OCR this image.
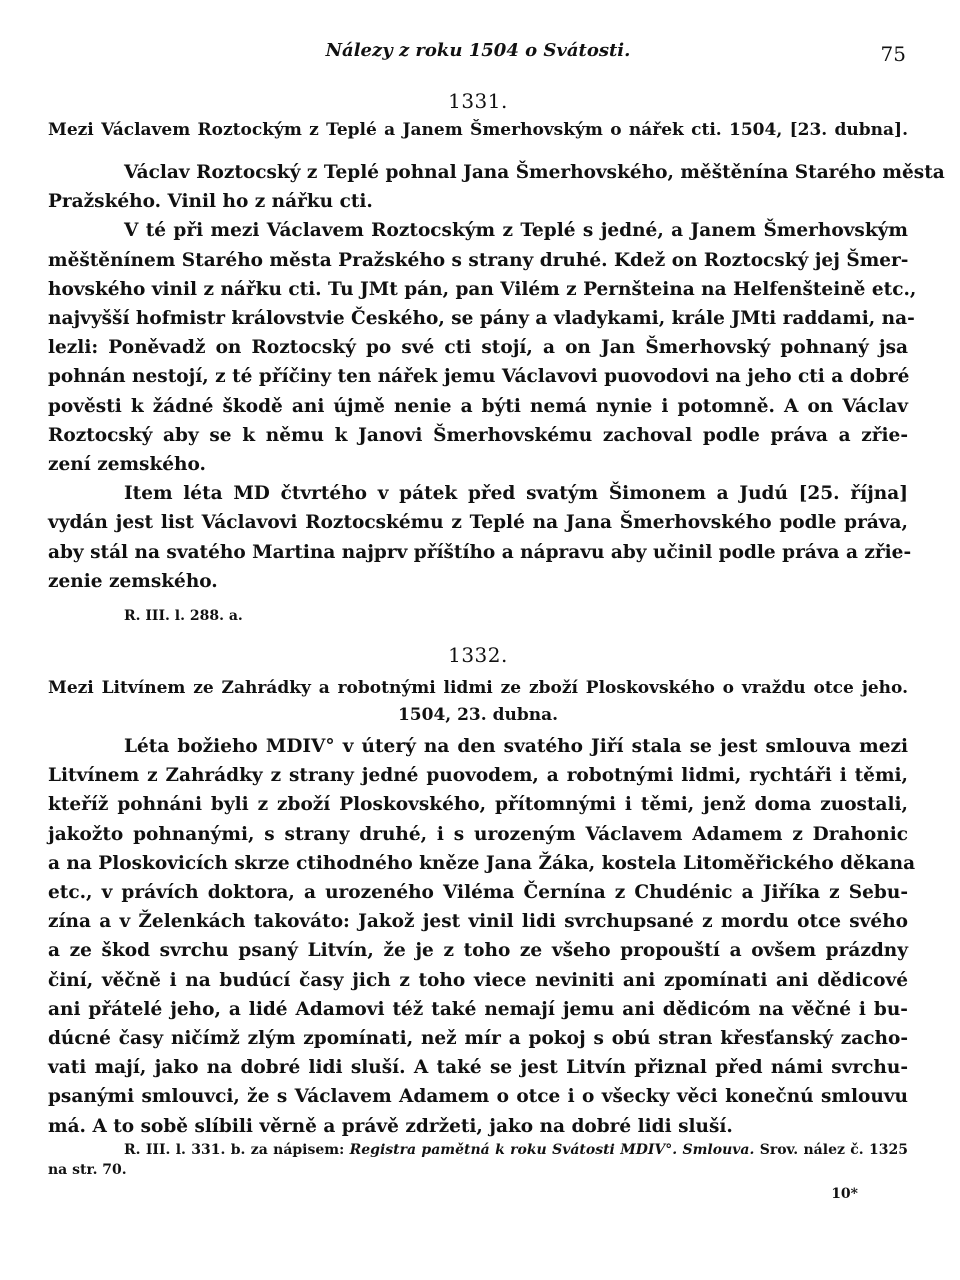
Nálezy z roku 1504 o Svátosti.	75
1331.
Mezi Václavem Roztockým z Teplé a Janem Šmerhovským o nářek cti. 1504, [23. dubna].
Václav Roztocský z Teplé pohnal Jana Šmerhovského, měštěnína Starého města
Pražského. Vinil ho z nářku cti.
V té při mezi Václavem Roztocským z Teplé s jedné, a Janem Šmerhovským
měštěnínem Starého města Pražského s strany druhé. Kdež on Roztocský jej Šmer-
hovského vinil z nářku cti. Tu JMt pán, pan Vilém z Pernšteina na Helfenšteině etc.,
najvyšší hofmistr královstvie Českého, se pány a vladykami, krále JMti raddami, na-
lezli: Poněvadž on Roztocský po své cti stojí, a on Jan Šmerhovský pohnaný jsa
pohnán nestojí, z té příčiny ten nářek jemu Václavovi puovodovi na jeho cti a dobré
pověsti k žádné škodě ani újmě nenie a býti nemá nynie i potomně. A on Václav
Roztocský aby se k němu k Janovi Šmerhovskému zachoval podle práva a zřie-
zení zemského.
Item léta MD čtvrtého v pátek před svatým Šimonem a Judú [25. října]
vydán jest list Václavovi Roztocskému z Teplé na Jana Šmerhovského podle práva,
aby stál na svatého Martina najprv příštího a nápravu aby učinil podle práva a zřie-
zenie zemského.
R. III. l. 288. a.
1332.
Mezi Litvínem ze Zahrádky a robotnými lidmi ze zboží Ploskovského o vraždu otce jeho.
1504, 23. dubna.
Léta božieho MDIV° v úterý na den svatého Jiří stala se jest smlouva mezi
Litvínem z Zahrádky z strany jedné puovodem, a robotnými lidmi, rychtáři i těmi,
kteříž pohnáni byli z zboží Ploskovského, přítomnými i těmi, jenž doma zuostali,
jakožto pohnanými, s strany druhé, i s urozeným Václavem Adamem z Drahonic
a na Ploskovicích skrze ctihodného kněze Jana Žáka, kostela Litoměřického děkana
etc., v právích doktora, a urozeného Viléma Černína z Chudénic a Jiříka z Sebu-
zína a v Želenkách takováto: Jakož jest vinil lidi svrchupsané z mordu otce svého
a ze škod svrchu psaný Litvín, že je z toho ze všeho propouští a ovšem prázdny
činí, věčně i na budúcí časy jich z toho viece neviniti ani zpomínati ani dědicové
ani přátelé jeho, a lidé Adamovi též také nemají jemu ani dědicóm na věčné i bu-
dúcné časy ničímž zlým zpomínati, než mír a pokoj s obú stran křesťanský zacho-
vati mají, jako na dobré lidi sluší. A také se jest Litvín přiznal před námi svrchu-
psanými smlouvci, že s Václavem Adamem o otce i o všecky věci konečnú smlouvu
má. A to sobě slíbili věrně a právě zdržeti, jako na dobré lidi sluší.
R. III. l. 331. b. za nápisem: Registra pamětná k roku Svátosti MDIV°. Smlouva. Srov. nález č. 1325
na str. 70.
10*
